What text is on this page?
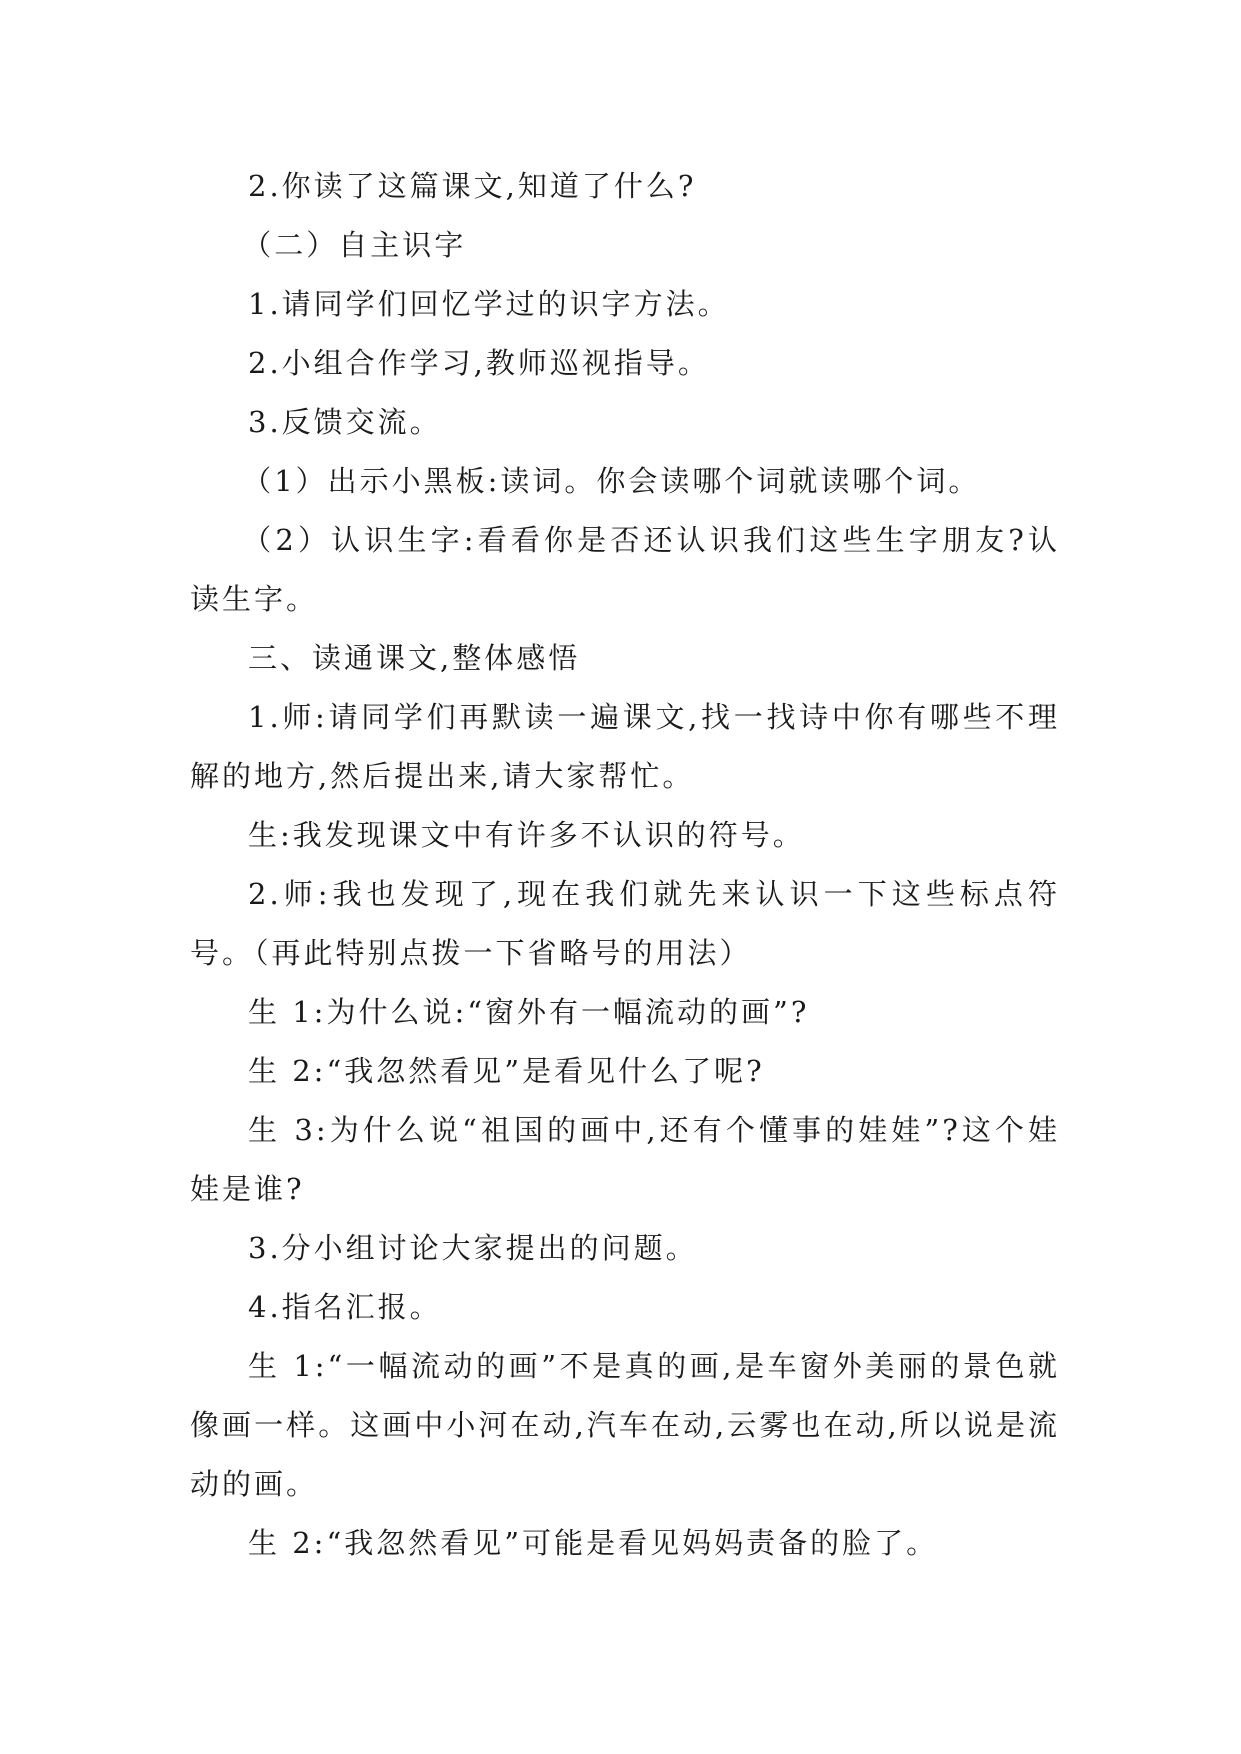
2.你读了这篇课文,知道了什么?

（二）自主识字

1.请同学们回忆学过的识字方法。

2.小组合作学习,教师巡视指导。

3.反馈交流。

（1）出示小黑板:读词。你会读哪个词就读哪个词。

（2）认识生字:看看你是否还认识我们这些生字朋友?认读生字。

三、读通课文,整体感悟

1.师:请同学们再默读一遍课文,找一找诗中你有哪些不理解的地方,然后提出来,请大家帮忙。

生:我发现课文中有许多不认识的符号。

2.师:我也发现了,现在我们就先来认识一下这些标点符号。（再此特别点拨一下省略号的用法）

生 1:为什么说:“窗外有一幅流动的画”?

生 2:“我忽然看见”是看见什么了呢?

生 3:为什么说“祖国的画中,还有个懂事的娃娃”?这个娃娃是谁?

3.分小组讨论大家提出的问题。

4.指名汇报。

生 1:“一幅流动的画”不是真的画,是车窗外美丽的景色就像画一样。这画中小河在动,汽车在动,云雾也在动,所以说是流动的画。

生 2:“我忽然看见”可能是看见妈妈责备的脸了。
